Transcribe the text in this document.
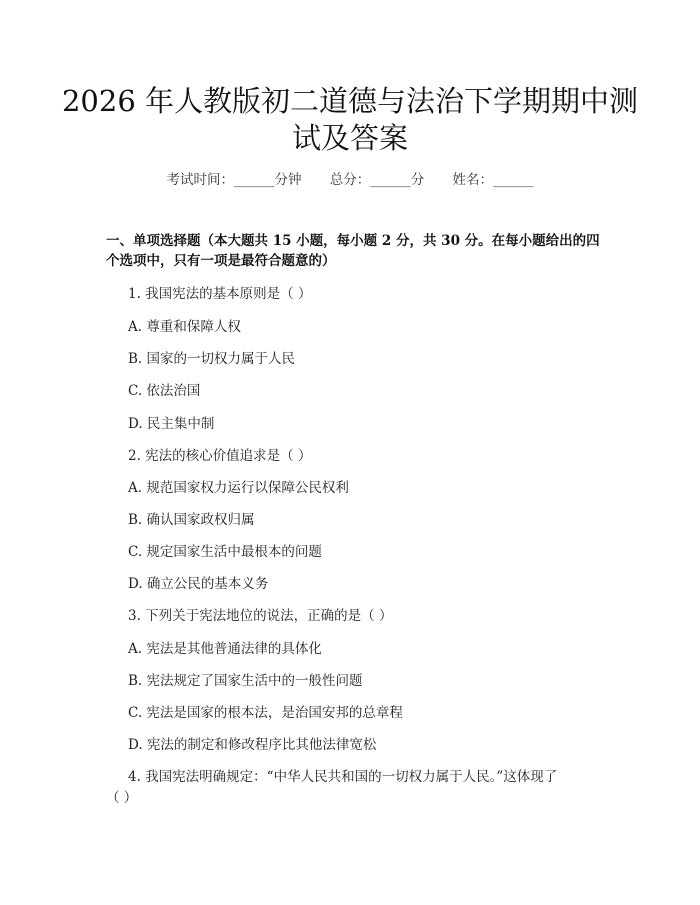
2026 年人教版初二道德与法治下学期期中测
试及答案
考试时间：______分钟 总分：______分 姓名：______
一、单项选择题（本大题共 15 小题，每小题 2 分，共 30 分。在每小题给出的四
个选项中，只有一项是最符合题意的）
1. 我国宪法的基本原则是（ ）
A. 尊重和保障人权
B. 国家的一切权力属于人民
C. 依法治国
D. 民主集中制
2. 宪法的核心价值追求是（ ）
A. 规范国家权力运行以保障公民权利
B. 确认国家政权归属
C. 规定国家生活中最根本的问题
D. 确立公民的基本义务
3. 下列关于宪法地位的说法，正确的是（ ）
A. 宪法是其他普通法律的具体化
B. 宪法规定了国家生活中的一般性问题
C. 宪法是国家的根本法，是治国安邦的总章程
D. 宪法的制定和修改程序比其他法律宽松
4. 我国宪法明确规定：“中华人民共和国的一切权力属于人民。”这体现了
（ ）
